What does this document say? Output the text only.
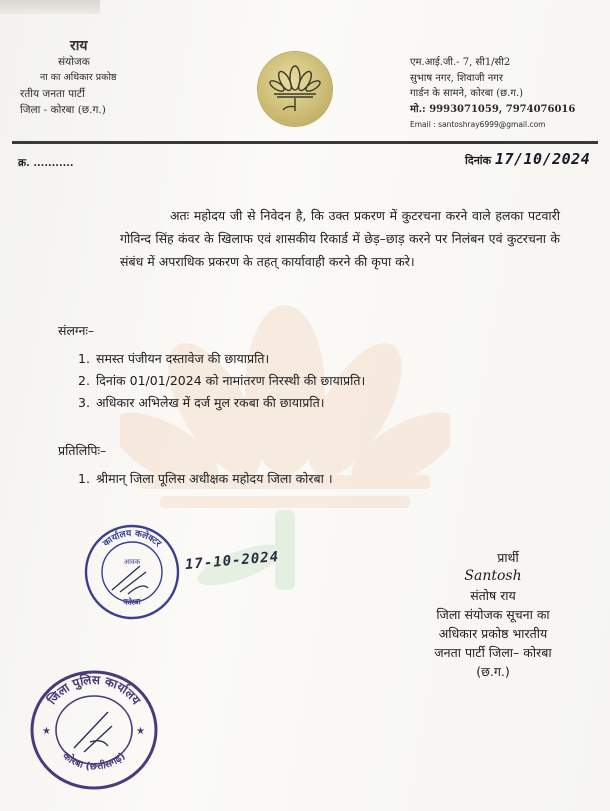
राय
संयोजक
ना का अधिकार प्रकोष्ठ
रतीय जनता पार्टी
जिला - कोरबा (छ.ग.)
एम.आई.जी.- 7, सी1/सी2
सुभाष नगर, शिवाजी नगर
गार्डन के सामने, कोरबा (छ.ग.)
मो.: 9993071059, 7974076016
Email : santoshray6999@gmail.com
क्र. ...........	दिनांक 17/10/2024
अतः महोदय जी से निवेदन है, कि उक्त प्रकरण में कुटरचना करने वाले हलका पटवारी गोविन्द सिंह कंवर के खिलाफ एवं शासकीय रिकार्ड में छेड़–छाड़ करने पर निलंबन एवं कुटरचना के संबंध में अपराधिक प्रकरण के तहत् कार्यावाही करने की कृपा करे।
संलग्नः–
1. समस्त पंजीयन दस्तावेज की छायाप्रति।
2. दिनांक 01/01/2024 को नामांतरण निरस्थी की छायाप्रति।
3. अधिकार अभिलेख में दर्ज मुल रकबा की छायाप्रति।
प्रतिलिपिः–
1. श्रीमान् जिला पूलिस अधीक्षक महोदय जिला कोरबा ।
कार्यालय कलेक्टर
कोरबा
आवक	17-10-2024
जिला पुलिस कार्यालय
कोरबा (छत्तीसगढ़)
★	★
प्रार्थी
Santosh
संतोष राय
जिला संयोजक सूचना का
अधिकार प्रकोष्ठ भारतीय
जनता पार्टी जिला– कोरबा
(छ.ग.)
